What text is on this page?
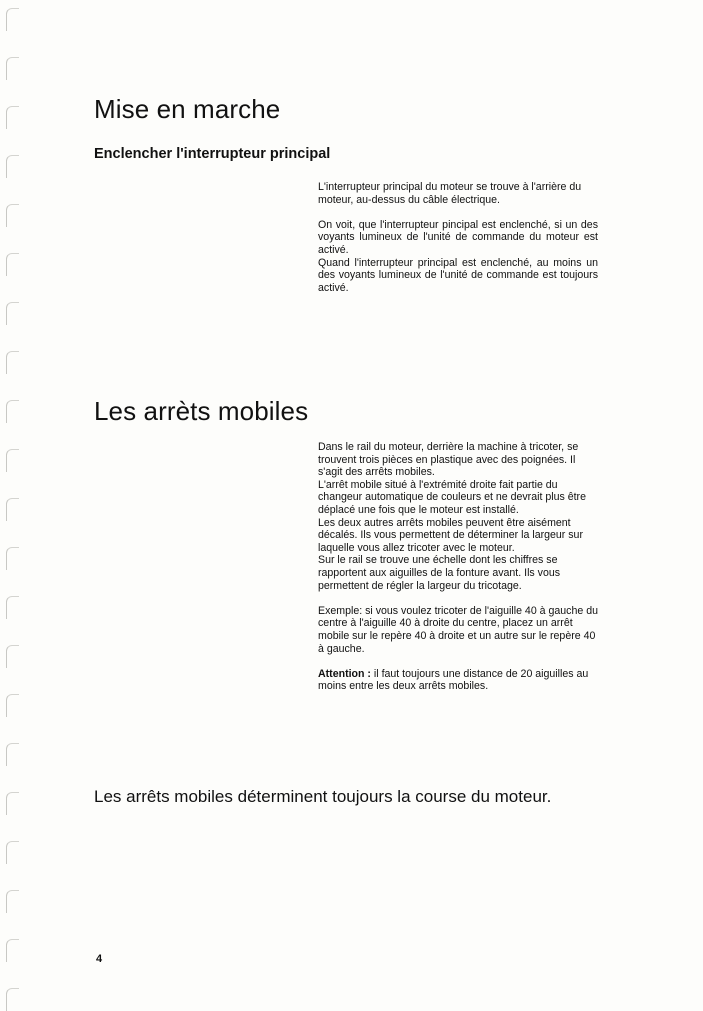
Mise en marche
Enclencher l'interrupteur principal

L'interrupteur principal du moteur se trouve à l'arrière du moteur, au-dessus du câble électrique.

On voit, que l'interrupteur pincipal est enclenché, si un des voyants lumineux de l'unité de commande du moteur est activé.

Quand l'interrupteur principal est enclenché, au moins un des voyants lumineux de l'unité de commande est toujours activé.

Les arrèts mobiles

Dans le rail du moteur, derrière la machine à tricoter, se trouvent trois pièces en plastique avec des poignées. Il s'agit des arrêts mobiles.

L'arrêt mobile situé à l'extrémité droite fait partie du changeur automatique de couleurs et ne devrait plus être déplacé une fois que le moteur est installé.

Les deux autres arrêts mobiles peuvent être aisément décalés. Ils vous permettent de déterminer la largeur sur laquelle vous allez tricoter avec le moteur.

Sur le rail se trouve une échelle dont les chiffres se rapportent aux aiguilles de la fonture avant. Ils vous permettent de régler la largeur du tricotage.

Exemple: si vous voulez tricoter de l'aiguille 40 à gauche du centre à l'aiguille 40 à droite du centre, placez un arrêt mobile sur le repère 40 à droite et un autre sur le repère 40 à gauche.

Attention : il faut toujours une distance de 20 aiguilles au moins entre les deux arrêts mobiles.

Les arrêts mobiles déterminent toujours la course du moteur.
4
